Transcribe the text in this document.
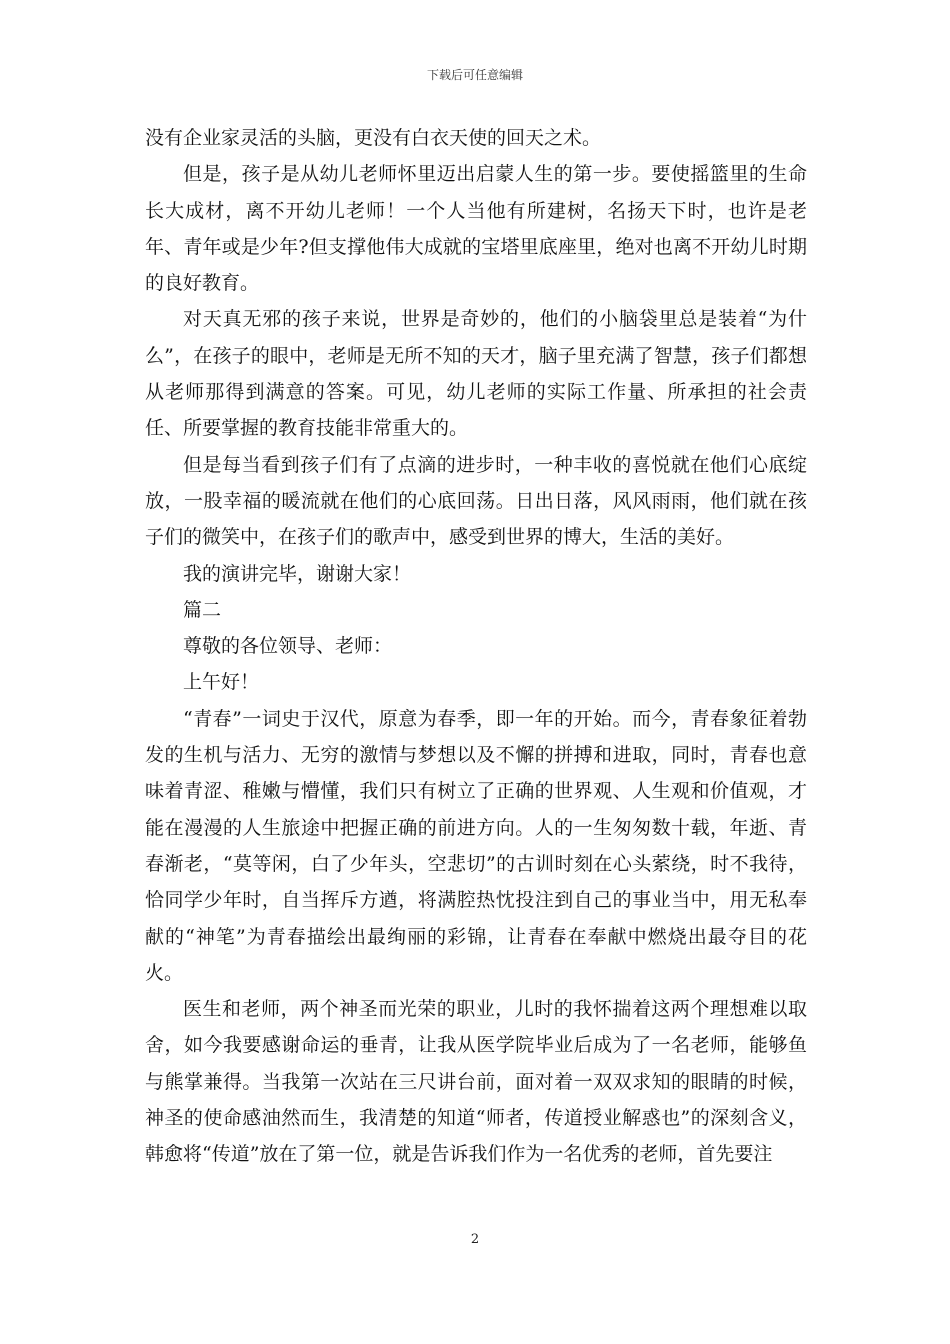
下载后可任意编辑

没有企业家灵活的头脑，更没有白衣天使的回天之术。

但是，孩子是从幼儿老师怀里迈出启蒙人生的第一步。要使摇篮里的生命长大成材，离不开幼儿老师！一个人当他有所建树，名扬天下时，也许是老年、青年或是少年?但支撑他伟大成就的宝塔里底座里，绝对也离不开幼儿时期的良好教育。

对天真无邪的孩子来说，世界是奇妙的，他们的小脑袋里总是装着“为什么”，在孩子的眼中，老师是无所不知的天才，脑子里充满了智慧，孩子们都想从老师那得到满意的答案。可见，幼儿老师的实际工作量、所承担的社会责任、所要掌握的教育技能非常重大的。

但是每当看到孩子们有了点滴的进步时，一种丰收的喜悦就在他们心底绽放，一股幸福的暖流就在他们的心底回荡。日出日落，风风雨雨，他们就在孩子们的微笑中，在孩子们的歌声中，感受到世界的博大，生活的美好。

我的演讲完毕，谢谢大家！

篇二

尊敬的各位领导、老师：

上午好！

“青春”一词史于汉代，原意为春季，即一年的开始。而今，青春象征着勃发的生机与活力、无穷的激情与梦想以及不懈的拼搏和进取，同时，青春也意味着青涩、稚嫩与懵懂，我们只有树立了正确的世界观、人生观和价值观，才能在漫漫的人生旅途中把握正确的前进方向。人的一生匆匆数十载，年逝、青春渐老，“莫等闲，白了少年头，空悲切”的古训时刻在心头萦绕，时不我待，恰同学少年时，自当挥斥方遒，将满腔热忱投注到自己的事业当中，用无私奉献的“神笔”为青春描绘出最绚丽的彩锦，让青春在奉献中燃烧出最夺目的花火。

医生和老师，两个神圣而光荣的职业，儿时的我怀揣着这两个理想难以取舍，如今我要感谢命运的垂青，让我从医学院毕业后成为了一名老师，能够鱼与熊掌兼得。当我第一次站在三尺讲台前，面对着一双双求知的眼睛的时候，神圣的使命感油然而生，我清楚的知道“师者，传道授业解惑也”的深刻含义，韩愈将“传道”放在了第一位，就是告诉我们作为一名优秀的老师，首先要注

2
